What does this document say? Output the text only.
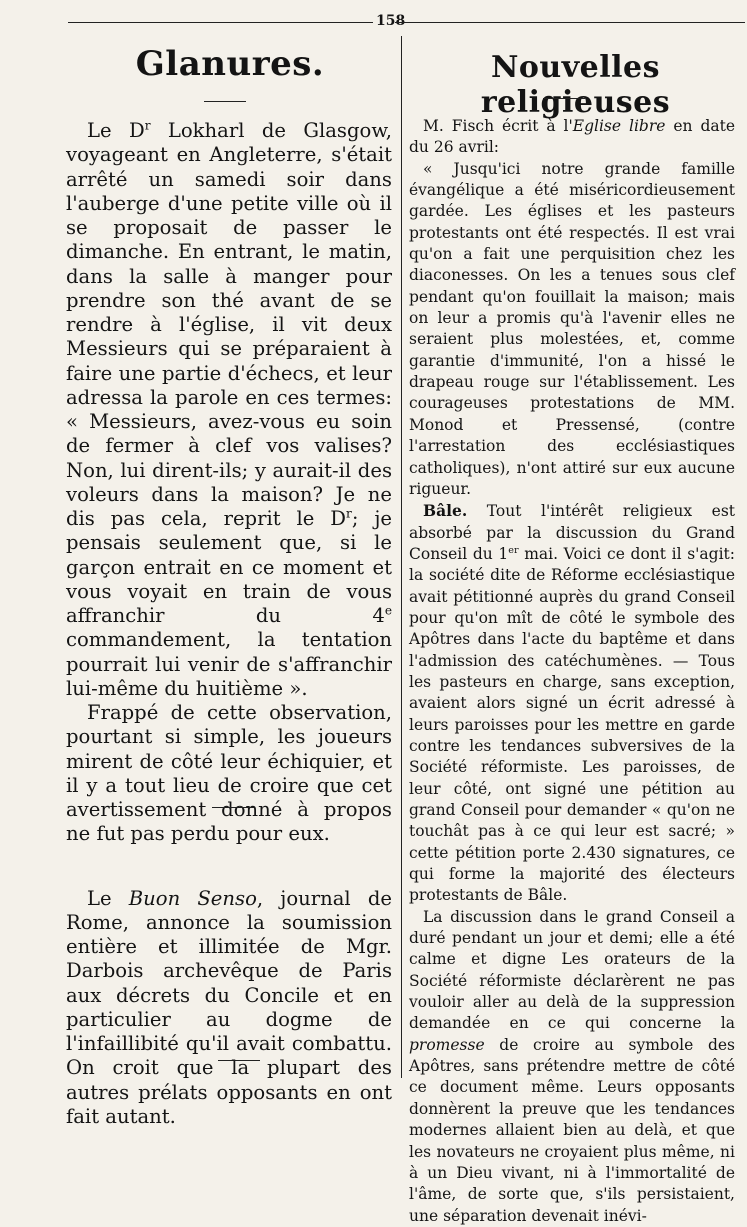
158
Glanures.	Nouvelles religieuses

Le $D^r$ Lokharl de Glasgow, voyageant en Angleterre, s'était arrêté un samedi soir dans l'auberge d'une petite ville où il se proposait de passer le dimanche. En entrant, le matin, dans la salle à manger pour prendre son thé avant de se rendre à l'église, il vit deux Messieurs qui se préparaient à faire une partie d'échecs, et leur adressa la parole en ces termes: « Messieurs, avez-vous eu soin de fermer à clef vos valises? Non, lui dirent-ils; y aurait-il des voleurs dans la maison? Je ne dis pas cela, reprit le $D^r$; je pensais seulement que, si le garçon entrait en ce moment et vous voyait en train de vous affranchir du 4e commandement, la tentation pourrait lui venir de s'affranchir lui-même du huitième ».

Frappé de cette observation, pourtant si simple, les joueurs mirent de côté leur échiquier, et il y a tout lieu de croire que cet avertissement donné à propos ne fut pas perdu pour eux.

Le Buon Senso, journal de Rome, annonce la soumission entière et illimitée de Mgr. Darbois archevêque de Paris aux décrets du Concile et en particulier au dogme de l'infaillibité qu'il avait combattu. On croit que la plupart des autres prélats opposants en ont fait autant.

M. Fisch écrit à l'Eglise libre en date du 26 avril:

« Jusqu'ici notre grande famille évangélique a été miséricordieusement gardée. Les églises et les pasteurs protestants ont été respectés. Il est vrai qu'on a fait une perquisition chez les diaconesses. On les a tenues sous clef pendant qu'on fouillait la maison; mais on leur a promis qu'à l'avenir elles ne seraient plus molestées, et, comme garantie d'immunité, l'on a hissé le drapeau rouge sur l'établissement. Les courageuses protestations de MM. Monod et Pressensé, (contre l'arrestation des ecclésiastiques catholiques), n'ont attiré sur eux aucune rigueur.

Bâle. Tout l'intérêt religieux est absorbé par la discussion du Grand Conseil du 1er mai. Voici ce dont il s'agit: la société dite de Réforme ecclésiastique avait pétitionné auprès du grand Conseil pour qu'on mît de côté le symbole des Apôtres dans l'acte du baptême et dans l'admission des catéchumènes. — Tous les pasteurs en charge, sans exception, avaient alors signé un écrit adressé à leurs paroisses pour les mettre en garde contre les tendances subversives de la Société réformiste. Les paroisses, de leur côté, ont signé une pétition au grand Conseil pour demander « qu'on ne touchât pas à ce qui leur est sacré; » cette pétition porte 2.430 signatures, ce qui forme la majorité des électeurs protestants de Bâle.

La discussion dans le grand Conseil a duré pendant un jour et demi; elle a été calme et digne Les orateurs de la Société réformiste déclarèrent ne pas vouloir aller au delà de la suppression demandée en ce qui concerne la promesse de croire au symbole des Apôtres, sans prétendre mettre de côté ce document même. Leurs opposants donnèrent la preuve que les tendances modernes allaient bien au delà, et que les novateurs ne croyaient plus même, ni à un Dieu vivant, ni à l'immortalité de l'âme, de sorte que, s'ils persistaient, une séparation devenait inévi-
